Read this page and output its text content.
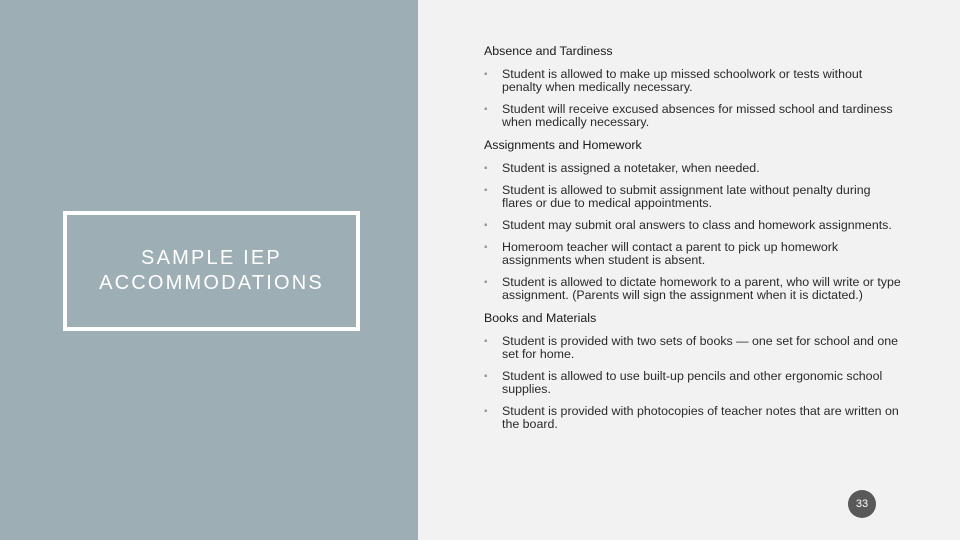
SAMPLE IEP
ACCOMMODATIONS
Absence and Tardiness
▪ Student is allowed to make up missed schoolwork or tests without penalty when medically necessary.
▪ Student will receive excused absences for missed school and tardiness when medically necessary.
Assignments and Homework
▪ Student is assigned a notetaker, when needed.
▪ Student is allowed to submit assignment late without penalty during flares or due to medical appointments.
▪ Student may submit oral answers to class and homework assignments.
▪ Homeroom teacher will contact a parent to pick up homework assignments when student is absent.
▪ Student is allowed to dictate homework to a parent, who will write or type assignment. (Parents will sign the assignment when it is dictated.)
Books and Materials
▪ Student is provided with two sets of books — one set for school and one set for home.
▪ Student is allowed to use built-up pencils and other ergonomic school supplies.
▪ Student is provided with photocopies of teacher notes that are written on the board.
33
